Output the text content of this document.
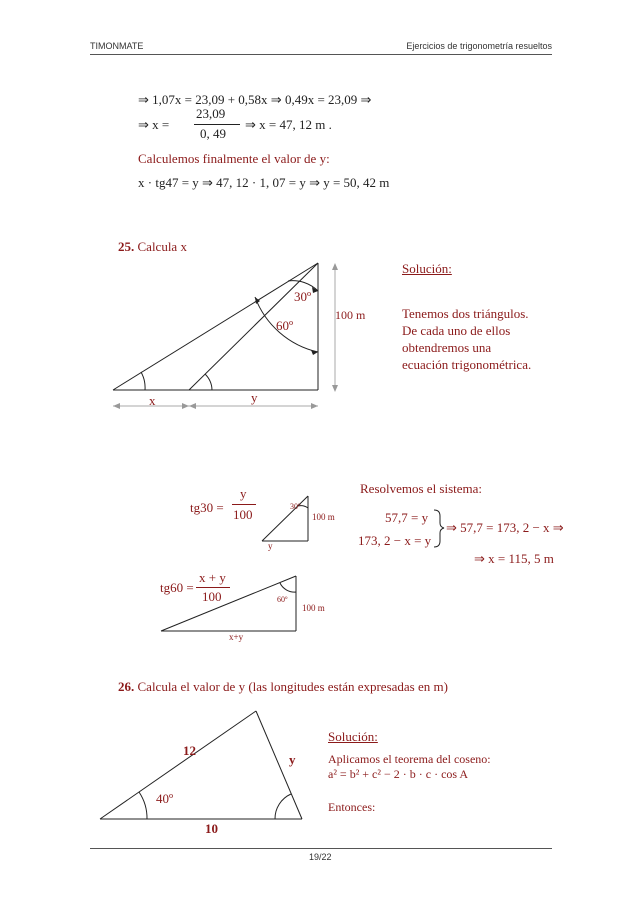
TIMONMATE	Ejercicios de trigonometría resueltos
⇒ 1,07x = 23,09 + 0,58x ⇒ 0,49x = 23,09 ⇒
⇒ x =
23,09
0, 49
⇒ x = 47, 12 m .
Calculemos finalmente el valor de y:
x · tg47 = y ⇒ 47, 12 · 1, 07 = y ⇒ y = 50, 42 m
25. Calcula x
30º
60º
100 m
x	y
Solución:
Tenemos dos triángulos.
De cada uno de ellos
obtendremos una
ecuación trigonométrica.
tg30 =
y
100
30º
100 m
y
tg60 =
x + y
100	60º
100 m
x+y
Resolvemos el sistema:
57,7 = y
173, 2 − x = y
⇒ 57,7 = 173, 2 − x ⇒
⇒ x = 115, 5 m
26. Calcula el valor de y (las longitudes están expresadas en m)
12
y
40º
10
Solución:
Aplicamos el teorema del coseno:
a² = b² + c² − 2 · b · c · cos A
Entonces:
19/22
